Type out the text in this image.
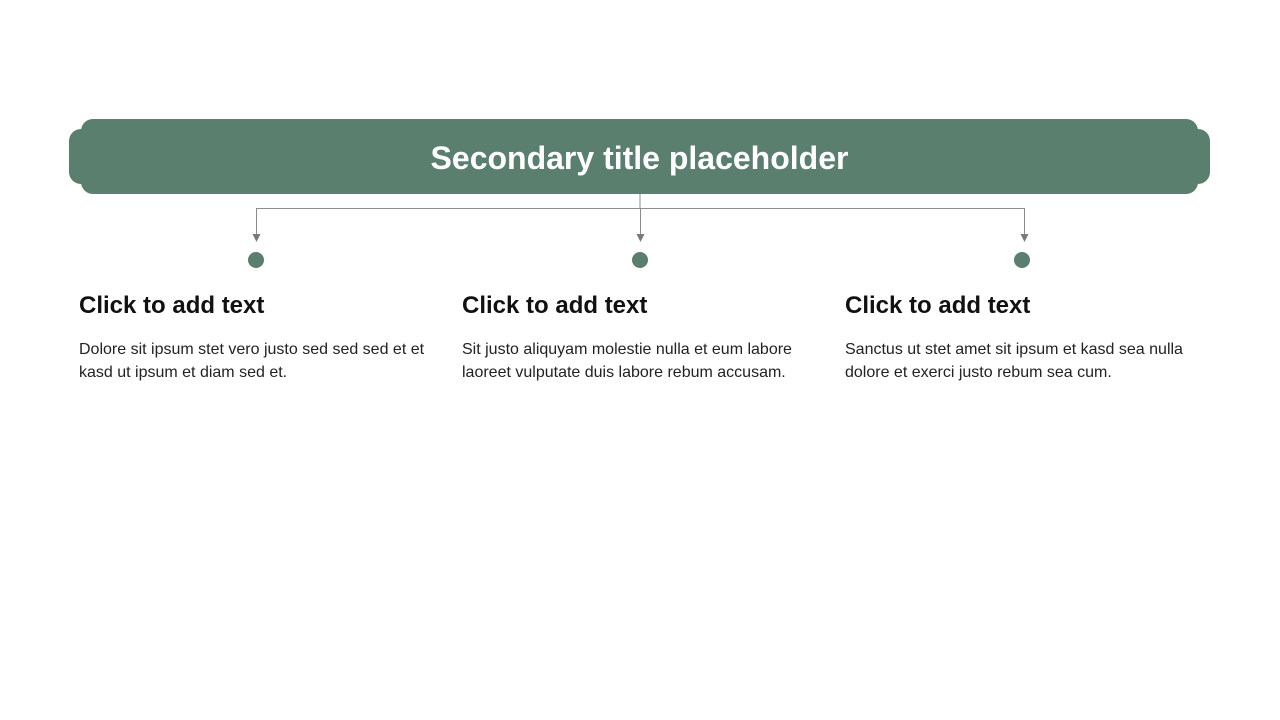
Secondary title placeholder
Click to add text

Dolore sit ipsum stet vero justo sed sed sed et et kasd ut ipsum et diam sed et.

Click to add text

Sit justo aliquyam molestie nulla et eum labore laoreet vulputate duis labore rebum accusam.

Click to add text

Sanctus ut stet amet sit ipsum et kasd sea nulla dolore et exerci justo rebum sea cum.
